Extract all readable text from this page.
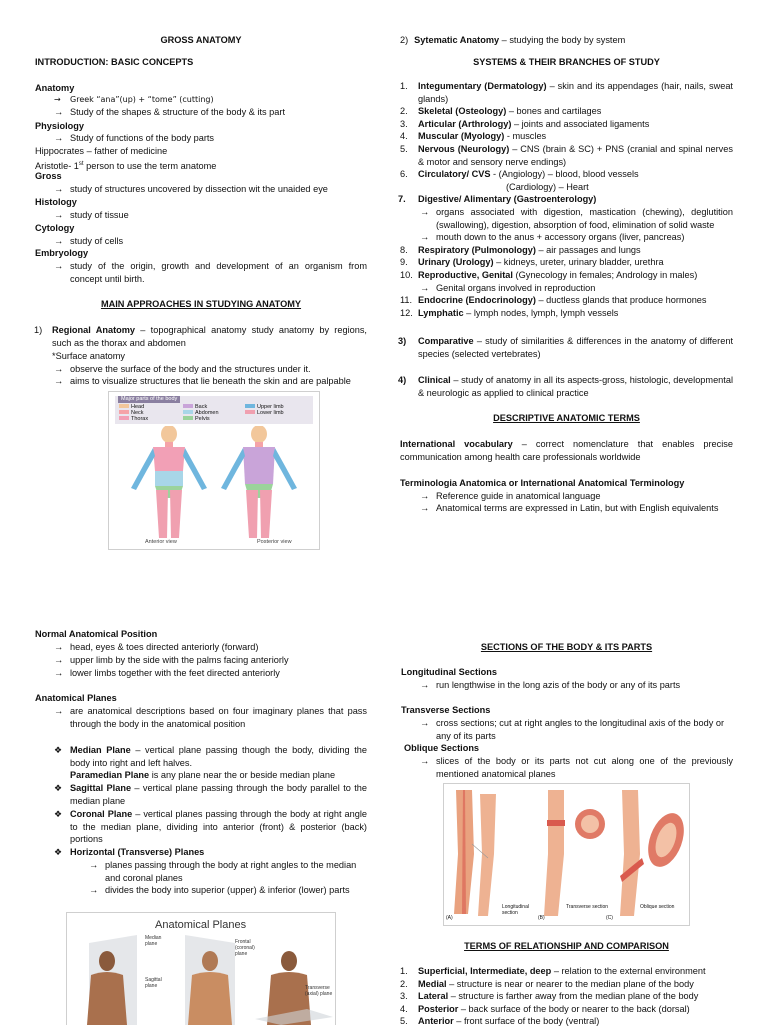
GROSS ANATOMY
INTRODUCTION: BASIC CONCEPTS
Anatomy
→ Greek “ana”(up) + “tome” (cutting)
→ Study of the shapes & structure of the body & its part
Physiology
→ Study of functions of the body parts
Hippocrates – father of medicine
Aristotle- 1st person to use the term anatome
Gross
→ study of structures uncovered by dissection wit the unaided eye
Histology
→ study of tissue
Cytology
→ study of cells
Embryology
→ study of the origin, growth and development of an organism from concept until birth.
MAIN APPROACHES IN STUDYING ANATOMY
1) Regional Anatomy – topographical anatomy study anatomy by regions, such as the thorax and abdomen
*Surface anatomy
→ observe the surface of the body and the structures under it.
→ aims to visualize structures that lie beneath the skin and are palpable
Major parts of the body
Head
Neck
Thorax
Back
Abdomen
Pelvis
Upper limb
Lower limb
Anterior view	Posterior view
2) Sytematic Anatomy – studying the body by system
SYSTEMS & THEIR BRANCHES OF STUDY
1. Integumentary (Dermatology) – skin and its appendages (hair, nails, sweat glands)
2. Skeletal (Osteology) – bones and cartilages
3. Articular (Arthrology) – joints and associated ligaments
4. Muscular (Myology) - muscles
5. Nervous (Neurology) – CNS (brain & SC) + PNS (cranial and spinal nerves & motor and sensory nerve endings)
6. Circulatory/ CVS - (Angiology) – blood, blood vessels
(Cardiology) – Heart
7. Digestive/ Alimentary (Gastroenterology)
→ organs associated with digestion, mastication (chewing), deglutition (swallowing), digestion, absorption of food, elimination of solid waste
→ mouth down to the anus + accessory organs (liver, pancreas)
8. Respiratory (Pulmonology) – air passages and lungs
9. Urinary (Urology) – kidneys, ureter, urinary bladder, urethra
10. Reproductive, Genital (Gynecology in females; Andrology in males)
→ Genital organs involved in reproduction
11. Endocrine (Endocrinology) – ductless glands that produce hormones
12. Lymphatic – lymph nodes, lymph, lymph vessels
3) Comparative – study of similarities & differences in the anatomy of different species (selected vertebrates)
4) Clinical – study of anatomy in all its aspects-gross, histologic, developmental & neurologic as applied to clinical practice
DESCRIPTIVE ANATOMIC TERMS
International vocabulary – correct nomenclature that enables precise communication among health care professionals worldwide
Terminologia Anatomica or International Anatomical Terminology
→ Reference guide in anatomical language
→ Anatomical terms are expressed in Latin, but with English equivalents
Normal Anatomical Position
→ head, eyes & toes directed anteriorly (forward)
→ upper limb by the side with the palms facing anteriorly
→ lower limbs together with the feet directed anteriorly
Anatomical Planes
→ are anatomical descriptions based on four imaginary planes that pass through the body in the anatomical position
❖ Median Plane – vertical plane passing though the body, dividing the body into right and left halves.
Paramedian Plane is any plane near the or beside median plane
❖ Sagittal Plane – vertical plane passing through the body parallel to the median plane
❖ Coronal Plane – vertical planes passing through the body at right angle to the median plane, dividing into anterior (front) & posterior (back) portions
❖ Horizontal (Transverse) Planes
→ planes passing through the body at right angles to the median and coronal planes
→ divides the body into superior (upper) & inferior (lower) parts
Anatomical Planes
Median plane
Sagittal plane
Frontal (coronal) plane
Transverse (axial) plane
SECTIONS OF THE BODY & ITS PARTS
Longitudinal Sections
→ run lengthwise in the long azis of the body or any of its parts
Transverse Sections
→ cross sections; cut at right angles to the longitudinal axis of the body or any of its parts
Oblique Sections
→ slices of the body or its parts not cut along one of the previously mentioned anatomical planes
(A)
Longitudinal section
(B)
Transverse section
(C)
Oblique section
TERMS OF RELATIONSHIP AND COMPARISON
1. Superficial, Intermediate, deep – relation to the external environment
2. Medial – structure is near or nearer to the median plane of the body
3. Lateral – structure is farther away from the median plane of the body
4. Posterior – back surface of the body or nearer to the back (dorsal)
5. Anterior – front surface of the body (ventral)
